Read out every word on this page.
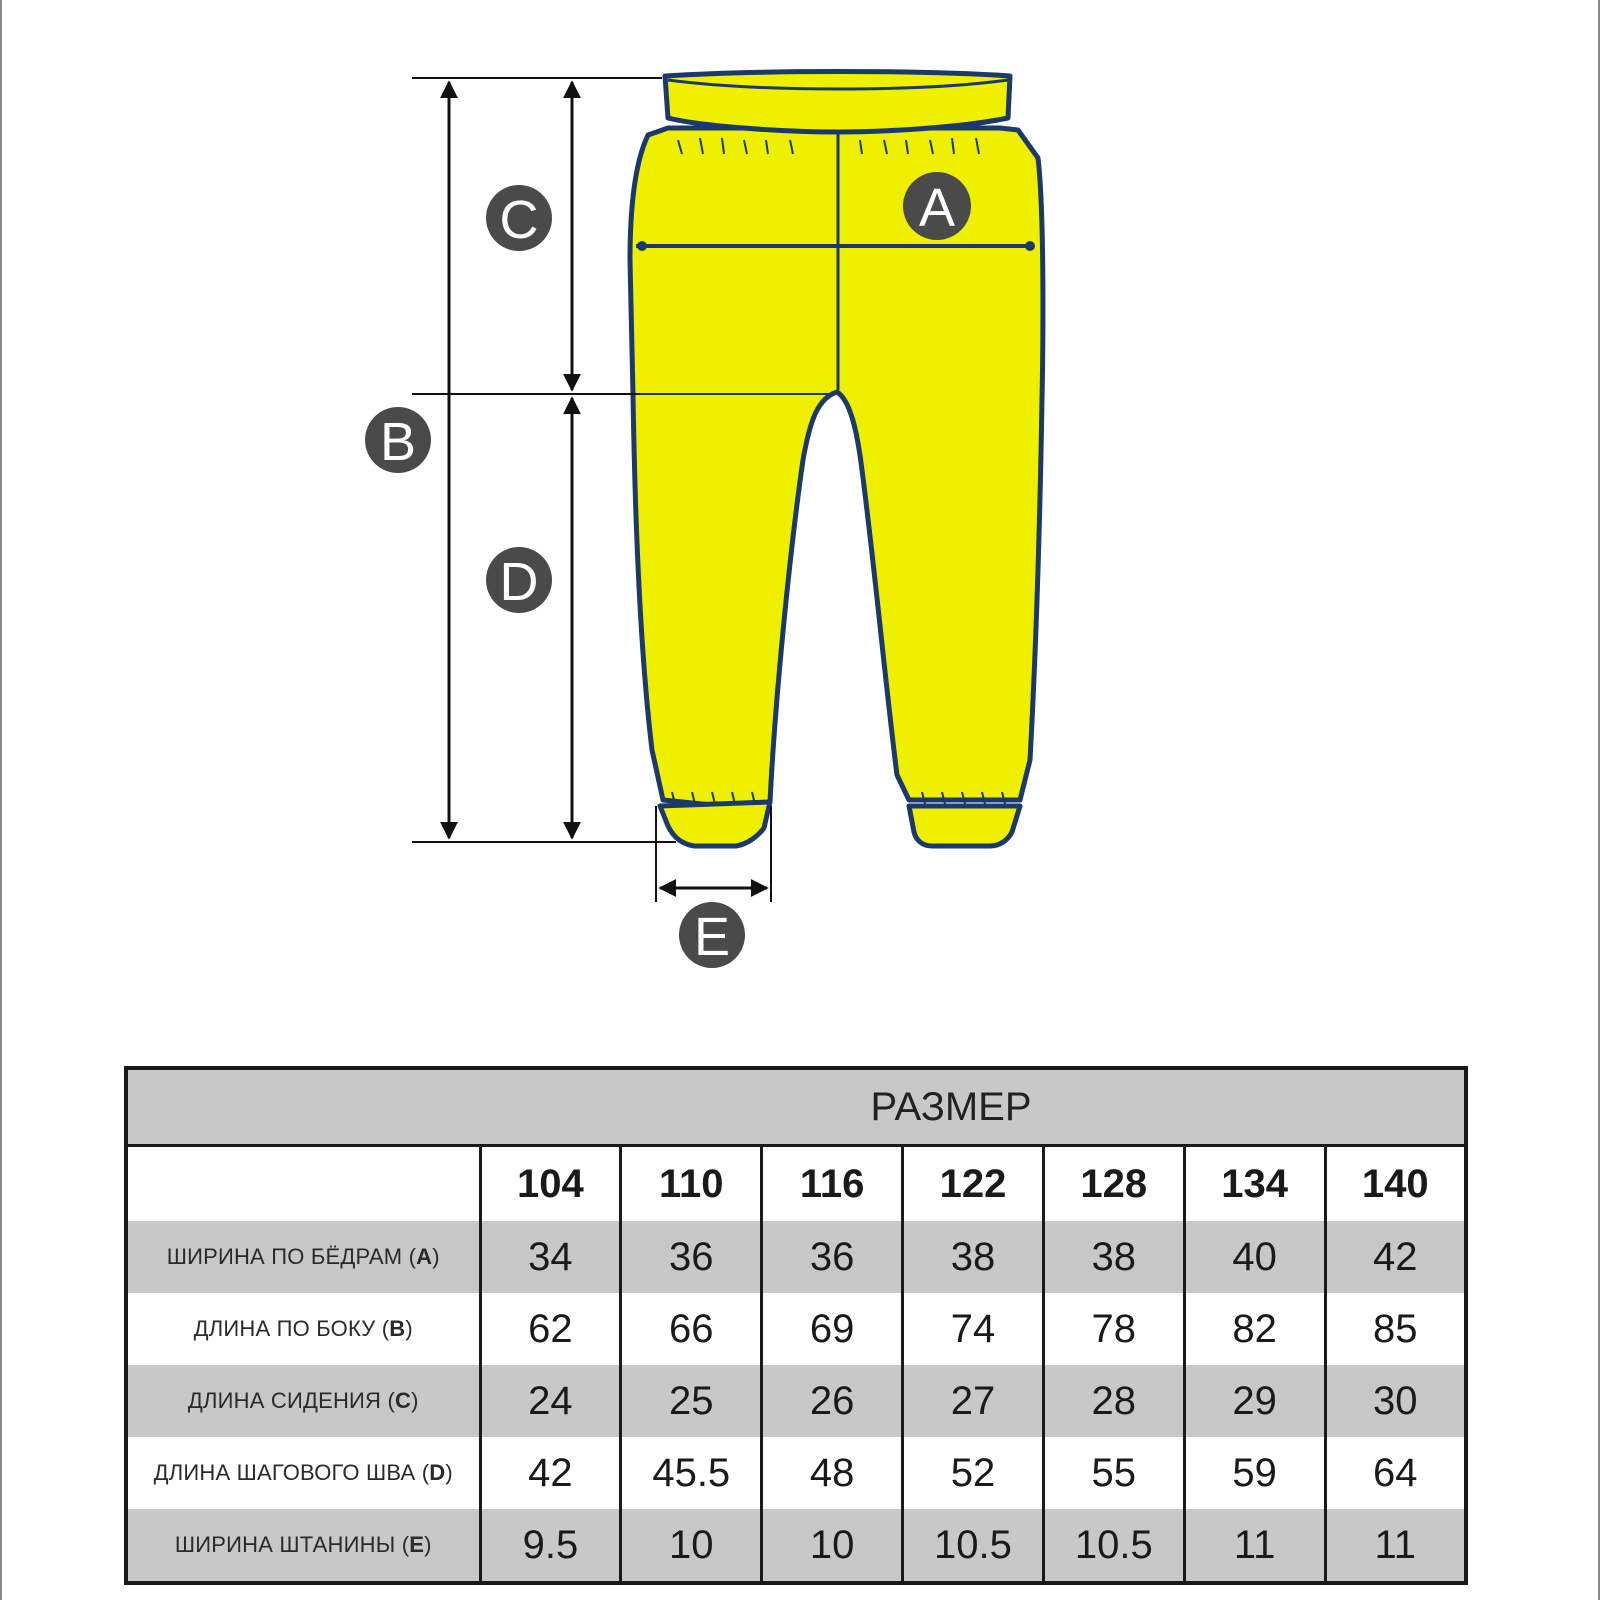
C	A
B
D
E
РАЗМЕР							
	104	110	116	122	128	134	140
ШИРИНА ПО БЁДРАМ (A)	34	36	36	38	38	40	42
ДЛИНА ПО БОКУ (B)	62	66	69	74	78	82	85
ДЛИНА СИДЕНИЯ (C)	24	25	26	27	28	29	30
ДЛИНА ШАГОВОГО ШВА (D)	42	45.5	48	52	55	59	64
ШИРИНА ШТАНИНЫ (E)	9.5	10	10	10.5	10.5	11	11
